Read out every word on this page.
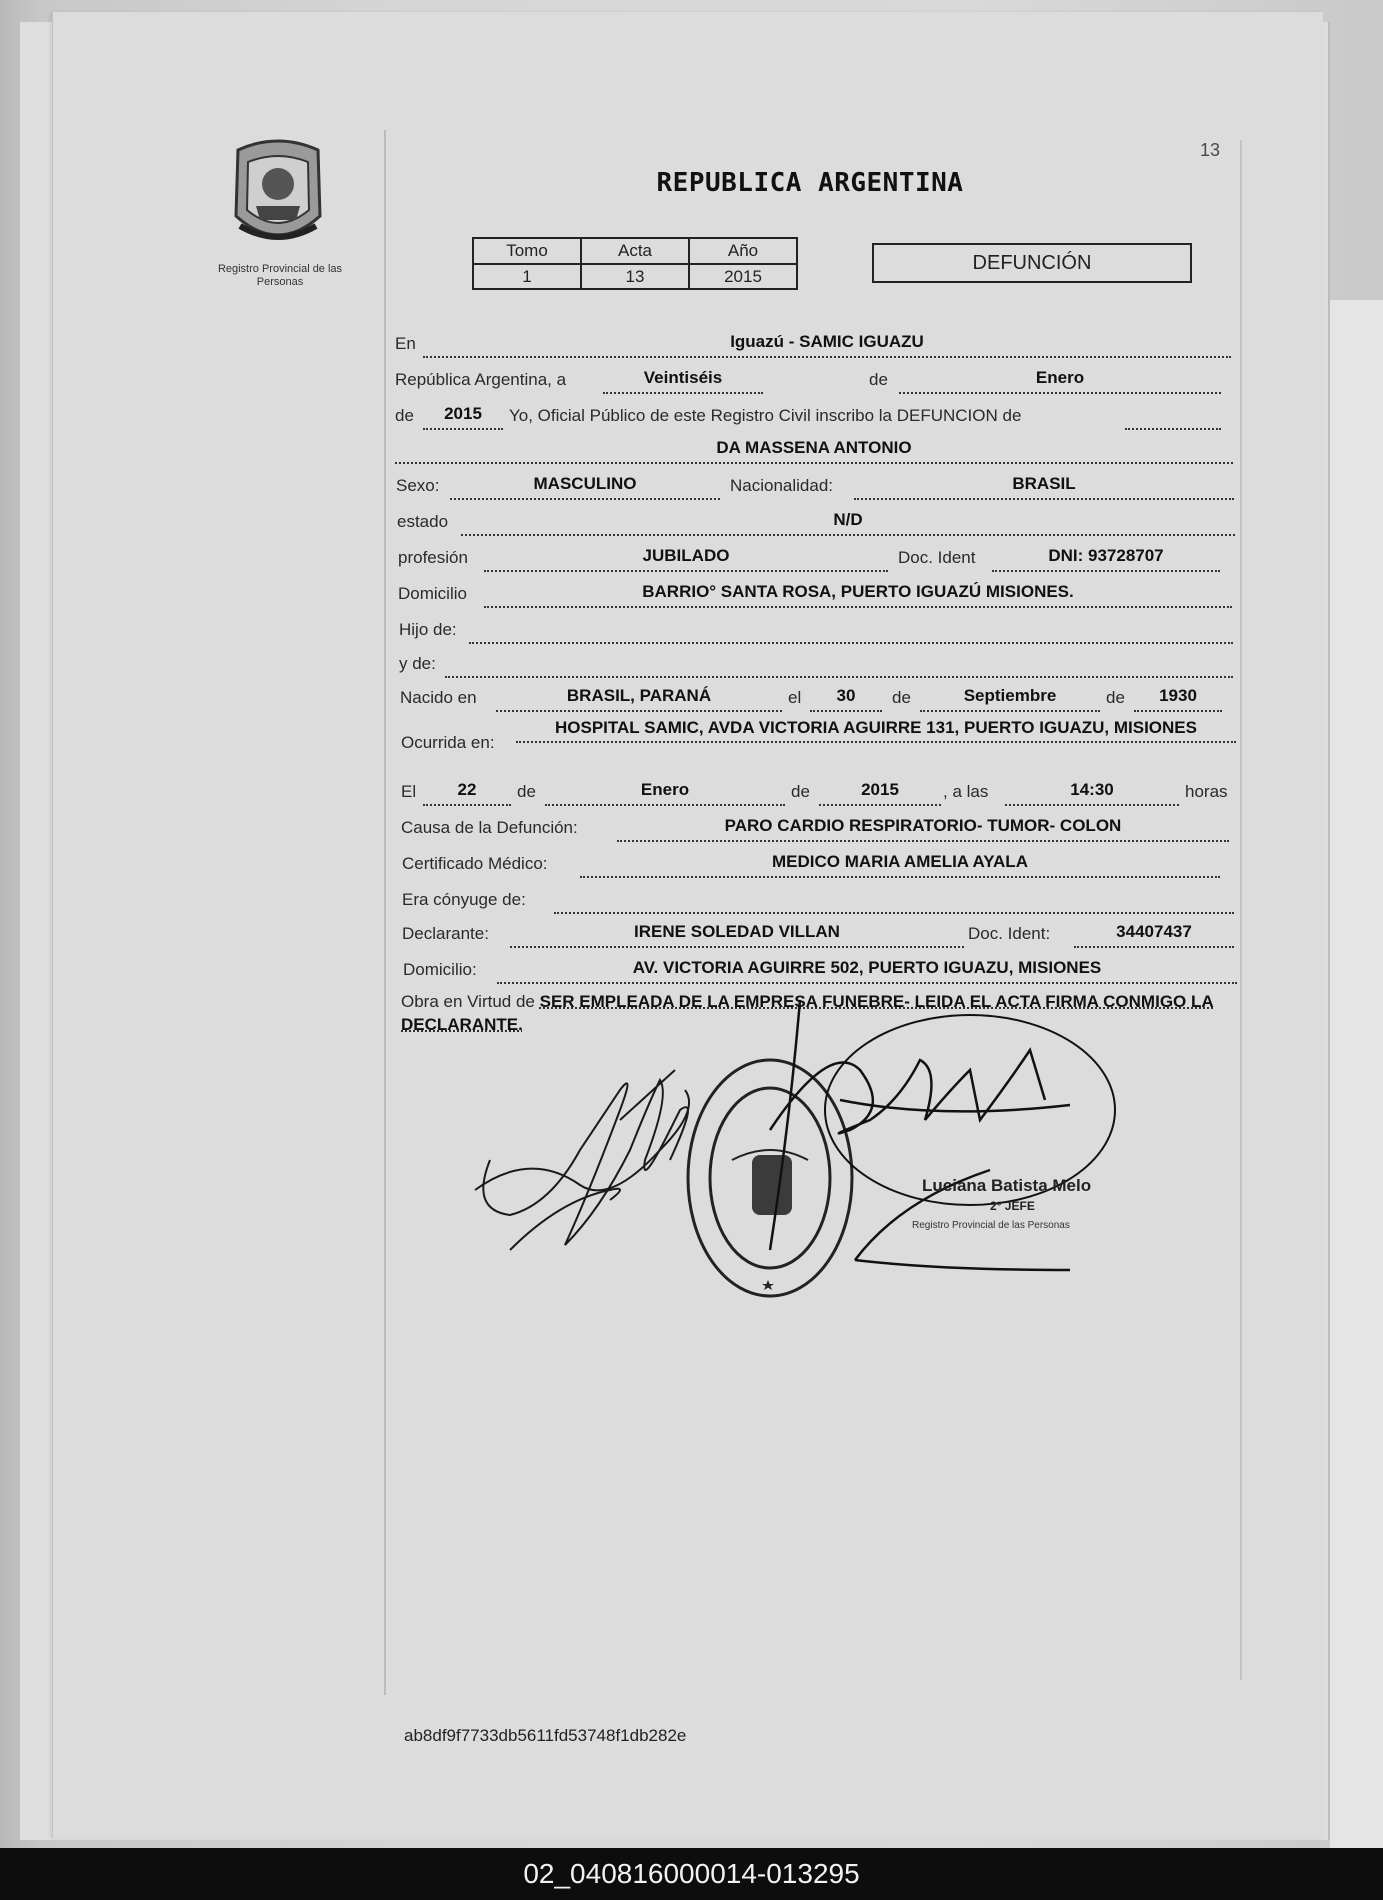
13
Registro Provincial de las Personas
REPUBLICA ARGENTINA
Tomo	Acta	Año
1	13	2015
DEFUNCIÓN
En	Iguazú - SAMIC IGUAZU
República Argentina, a	Veintiséis	de	Enero
de	2015	Yo, Oficial Público de este Registro Civil inscribo la DEFUNCION de
DA MASSENA ANTONIO
Sexo:	MASCULINO	Nacionalidad:	BRASIL
estado	N/D
profesión	JUBILADO	Doc. Ident	DNI: 93728707
Domicilio	BARRIO° SANTA ROSA, PUERTO IGUAZÚ MISIONES.
Hijo de:
y de:
Nacido en	BRASIL, PARANÁ	el	30	de	Septiembre	de	1930
Ocurrida en:
HOSPITAL SAMIC, AVDA VICTORIA AGUIRRE 131, PUERTO IGUAZU, MISIONES
El	22	de	Enero	de	2015	, a las	14:30	horas
Causa de la Defunción:	PARO CARDIO RESPIRATORIO- TUMOR- COLON
Certificado Médico:	MEDICO MARIA AMELIA AYALA
Era cónyuge de:
Declarante:	IRENE SOLEDAD VILLAN	Doc. Ident:	34407437
Domicilio:	AV. VICTORIA AGUIRRE 502, PUERTO IGUAZU, MISIONES
Obra en Virtud de SER EMPLEADA DE LA EMPRESA FUNEBRE- LEIDA EL ACTA FIRMA CONMIGO LA DECLARANTE.
Luciana Batista Melo
2° JEFE
Registro Provincial de las Personas
ab8df9f7733db5611fd53748f1db282e
02_040816000014-013295
